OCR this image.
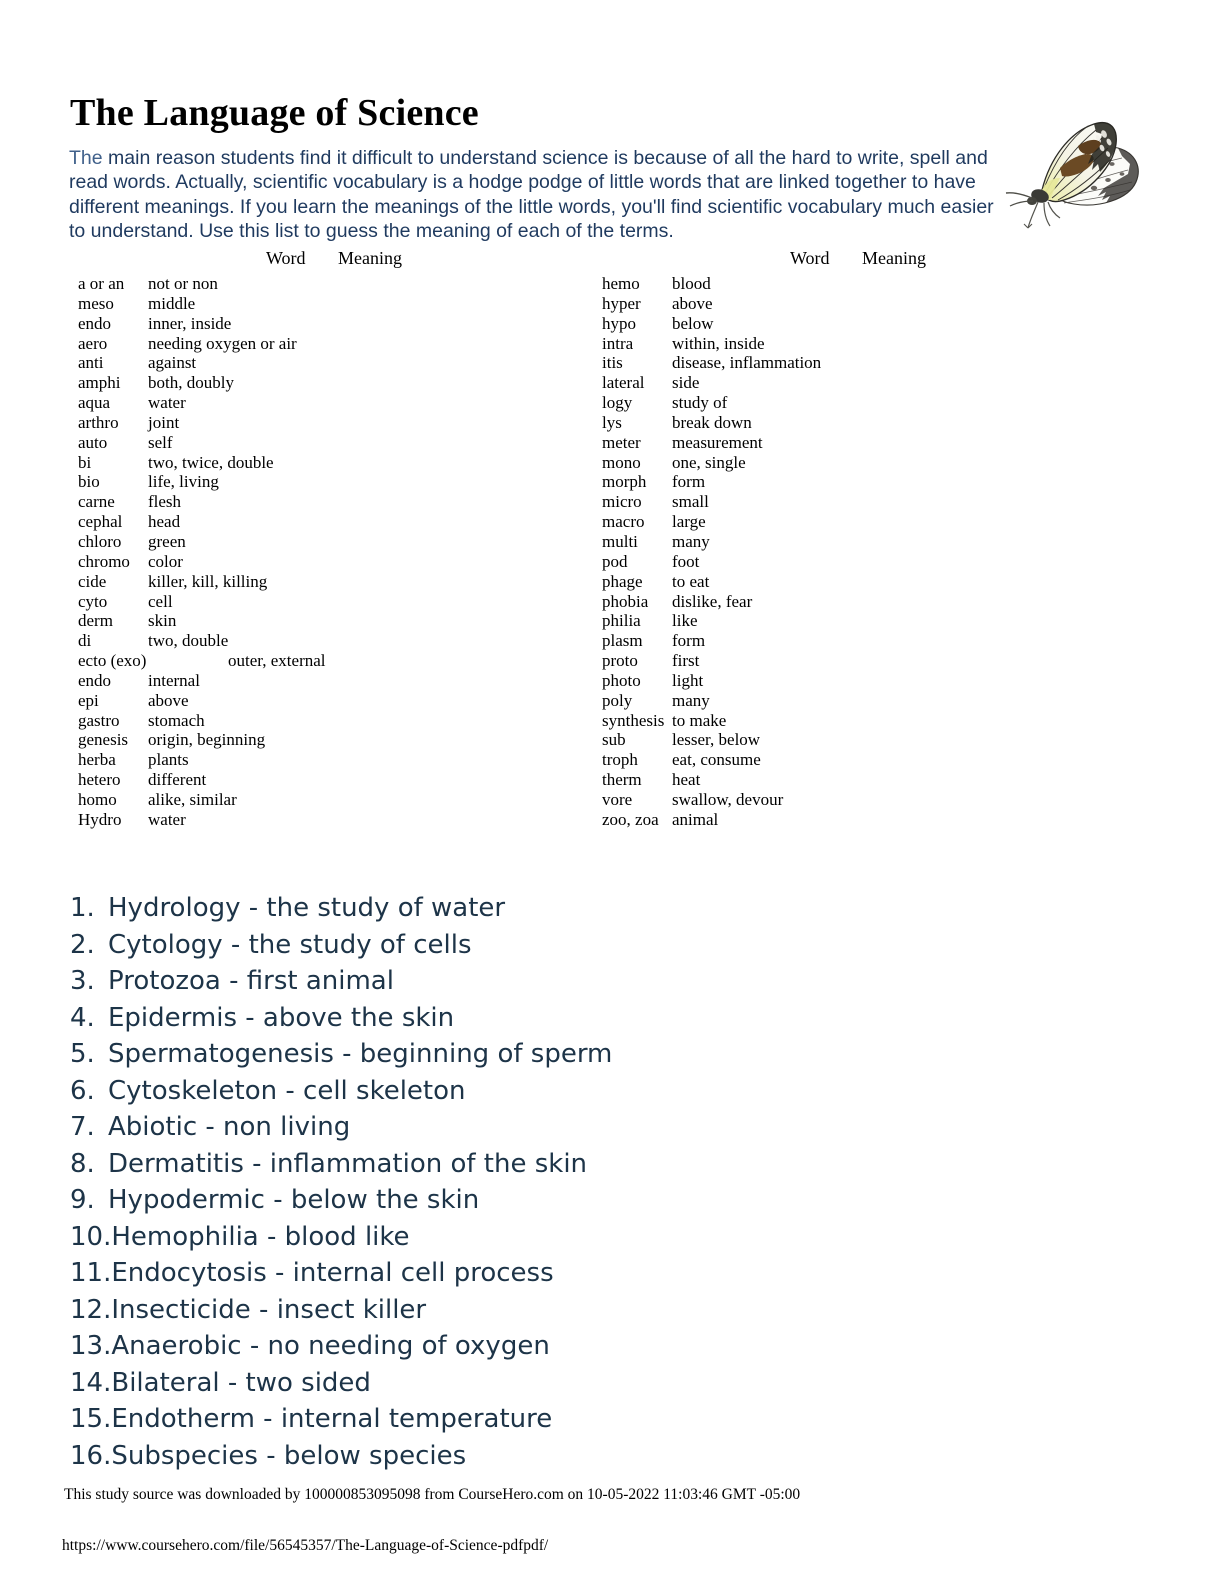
The Language of Science

The main reason students find it difficult to understand science is because of all the hard to write, spell and read words. Actually, scientific vocabulary is a hodge podge of little words that are linked together to have different meanings. If you learn the meanings of the little words, you'll find scientific vocabulary much easier to understand. Use this list to guess the meaning of each of the terms.

Word Meaning
a or an not or non
meso middle
endo inner, inside
aero needing oxygen or air
anti	against
amphi both, doubly
aqua water
arthro joint
auto self
bi	two, twice, double
bio	life, living
carne flesh
cephal head
chloro green
chromo color
cide killer, kill, killing
cyto cell
derm skin
di	two, double
ecto (exo)	outer, external
endo internal
epi	above
gastro stomach
genesis origin, beginning
herba plants
hetero different
homo alike, similar
Hydro water
Word Meaning
hemo blood
hyper above
hypo below
intra within, inside
itis	disease, inflammation
lateral side
logy study of
lys	break down
meter measurement
mono one, single
morph form
micro small
macro large
multi many
pod	foot
phage to eat
phobia dislike, fear
philia like
plasm form
proto first
photo light
poly many
synthesis to make
sub	lesser, below
troph eat, consume
therm heat
vore swallow, devour
zoo, zoa animal
1. Hydrology - the study of water
2. Cytology - the study of cells
3. Protozoa - first animal
4. Epidermis - above the skin
5. Spermatogenesis - beginning of sperm
6. Cytoskeleton - cell skeleton
7. Abiotic - non living
8. Dermatitis - inflammation of the skin
9. Hypodermic - below the skin
10.Hemophilia - blood like
11.Endocytosis - internal cell process
12.Insecticide - insect killer
13.Anaerobic - no needing of oxygen
14.Bilateral - two sided
15.Endotherm - internal temperature
16.Subspecies - below species
This study source was downloaded by 100000853095098 from CourseHero.com on 10-05-2022 11:03:46 GMT -05:00
https://www.coursehero.com/file/56545357/The-Language-of-Science-pdfpdf/
